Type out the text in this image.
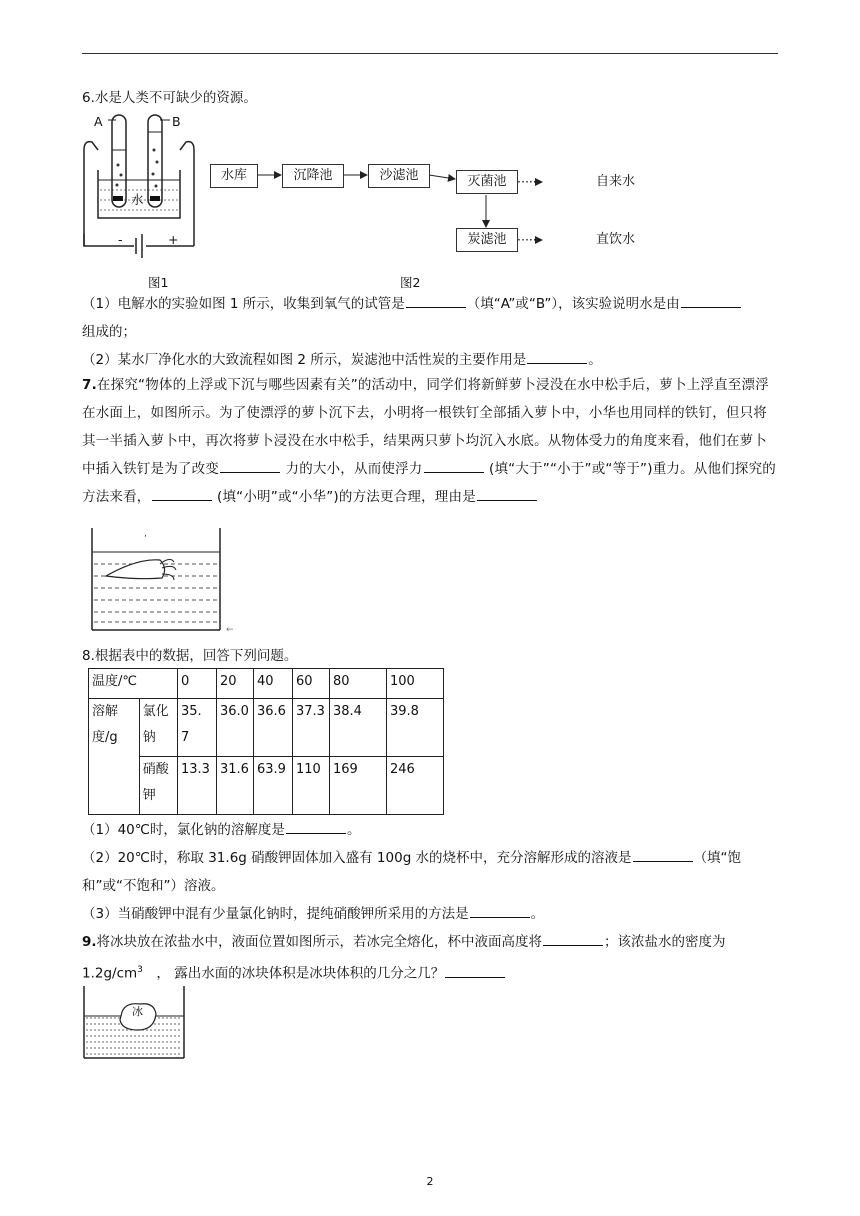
6.水是人类不可缺少的资源。

A	B
水
-	+
图1
水库	沉降池	沙滤池	灭菌池
炭滤池
······
······
自来水
直饮水
图2

（1）电解水的实验如图 1 所示，收集到氧气的试管是	（填“A”或“B”），该实验说明水是由
组成的；

（2）某水厂净化水的大致流程如图 2 所示，炭滤池中活性炭的主要作用是	。

7.在探究“物体的上浮或下沉与哪些因素有关”的活动中，同学们将新鲜萝卜浸没在水中松手后，萝卜上浮直至漂浮在水面上，如图所示。为了使漂浮的萝卜沉下去，小明将一根铁钉全部插入萝卜中，小华也用同样的铁钉，但只将其一半插入萝卜中，再次将萝卜浸没在水中松手，结果两只萝卜均沉入水底。从物体受力的角度来看，他们在萝卜中插入铁钉是为了改变	力的大小，从而使浮力	(填“大于”“小于”或“等于”)重力。从他们探究的方法来看，	(填“小明”或“小华”)的方法更合理，理由是

,
←

8.根据表中的数据，回答下列问题。

温度/℃		0	20	40	60	80	100
溶解度/g	氯化钠	35. 7	36.0	36.6	37.3	38.4	39.8
	硝酸钾	13.3	31.6	63.9	110	169	246

（1）40℃时，氯化钠的溶解度是	。

（2）20℃时，称取 31.6g 硝酸钾固体加入盛有 100g 水的烧杯中，充分溶解形成的溶液是	（填“饱和”或“不饱和”）溶液。

（3）当硝酸钾中混有少量氯化钠时，提纯硝酸钾所采用的方法是	。

9.将冰块放在浓盐水中，液面位置如图所示，若冰完全熔化，杯中液面高度将	；该浓盐水的密度为 $1.2g/cm^3$　， 露出水面的冰块体积是冰块体积的几分之几？

冰
2
